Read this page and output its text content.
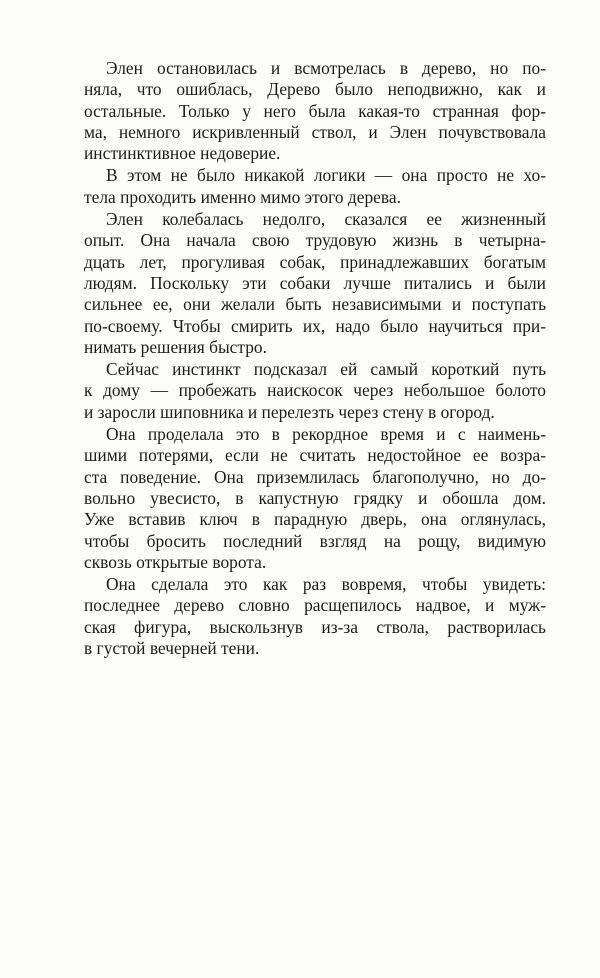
Элен остановилась и всмотрелась в дерево, но по-
няла, что ошиблась, Дерево было неподвижно, как и
остальные. Только у него была какая-то странная фор-
ма, немного искривленный ствол, и Элен почувствовала
инстинктивное недоверие.
В этом не было никакой логики — она просто не хо-
тела проходить именно мимо этого дерева.
Элен колебалась недолго, сказался ее жизненный
опыт. Она начала свою трудовую жизнь в четырна-
дцать лет, прогуливая собак, принадлежавших богатым
людям. Поскольку эти собаки лучше питались и были
сильнее ее, они желали быть независимыми и поступать
по-своему. Чтобы смирить их, надо было научиться при-
нимать решения быстро.
Сейчас инстинкт подсказал ей самый короткий путь
к дому — пробежать наискосок через небольшое болото
и заросли шиповника и перелезть через стену в огород.
Она проделала это в рекордное время и с наимень-
шими потерями, если не считать недостойное ее возра-
ста поведение. Она приземлилась благополучно, но до-
вольно увесисто, в капустную грядку и обошла дом.
Уже вставив ключ в парадную дверь, она оглянулась,
чтобы бросить последний взгляд на рощу, видимую
сквозь открытые ворота.
Она сделала это как раз вовремя, чтобы увидеть:
последнее дерево словно расщепилось надвое, и муж-
ская фигура, выскользнув из-за ствола, растворилась
в густой вечерней тени.
